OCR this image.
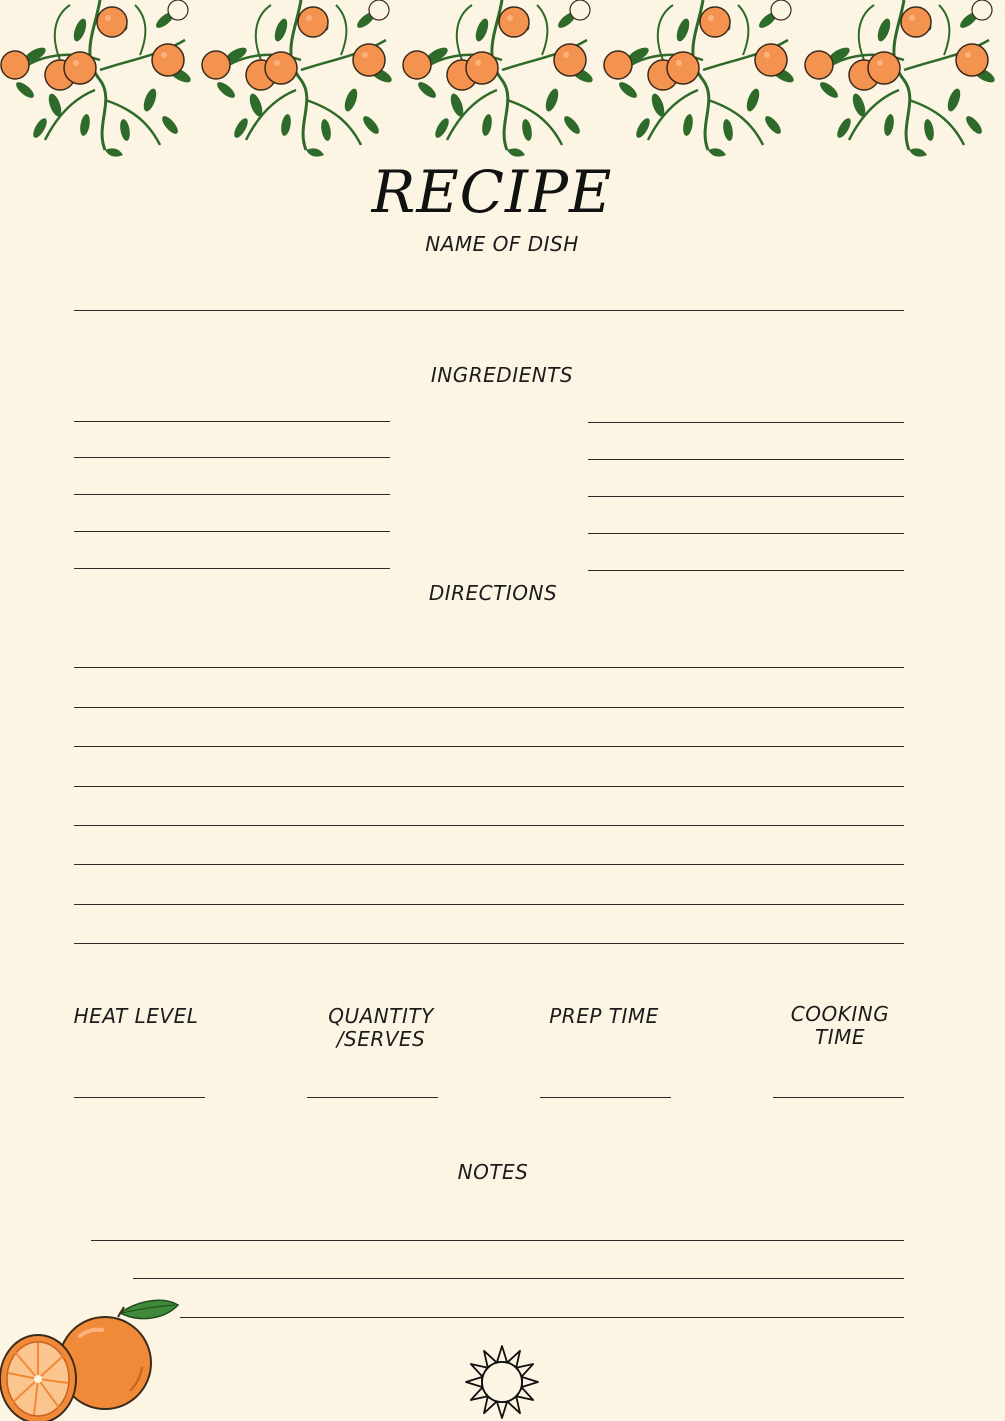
RECIPE
NAME OF DISH
INGREDIENTS
DIRECTIONS
HEAT LEVEL	QUANTITY
/SERVES
PREP TIME	COOKING
TIME
NOTES
